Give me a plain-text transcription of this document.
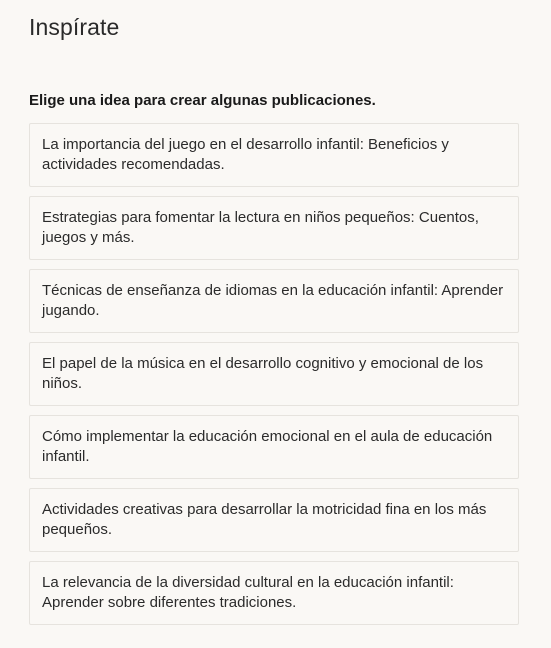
Inspírate

Elige una idea para crear algunas publicaciones.

La importancia del juego en el desarrollo infantil: Beneficios y actividades recomendadas.
Estrategias para fomentar la lectura en niños pequeños: Cuentos, juegos y más.
Técnicas de enseñanza de idiomas en la educación infantil: Aprender jugando.
El papel de la música en el desarrollo cognitivo y emocional de los niños.
Cómo implementar la educación emocional en el aula de educación infantil.
Actividades creativas para desarrollar la motricidad fina en los más pequeños.
La relevancia de la diversidad cultural en la educación infantil: Aprender sobre diferentes tradiciones.
